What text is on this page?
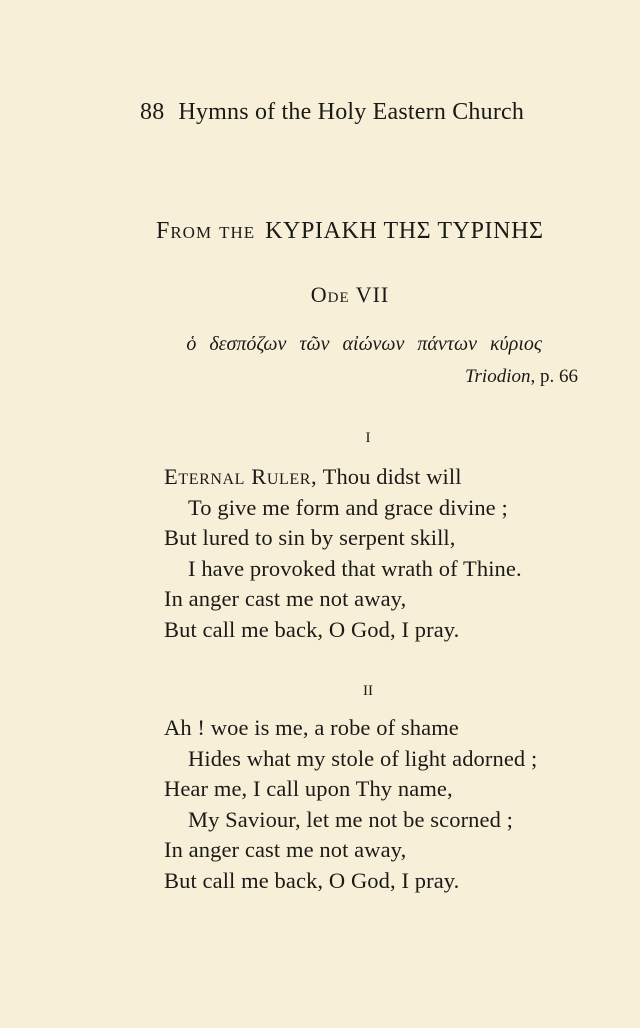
88 Hymns of the Holy Eastern Church
From the ΚΥΡΙΑΚΗ ΤΗΣ ΤΥΡΙΝΗΣ
Ode VII
ὁ δεσπόζων τῶν αἰώνων πάντων κύριος
Triodion, p. 66
I
Eternal Ruler, Thou didst will
To give me form and grace divine ;
But lured to sin by serpent skill,
I have provoked that wrath of Thine.
In anger cast me not away,
But call me back, O God, I pray.
II
Ah ! woe is me, a robe of shame
Hides what my stole of light adorned ;
Hear me, I call upon Thy name,
My Saviour, let me not be scorned ;
In anger cast me not away,
But call me back, O God, I pray.
